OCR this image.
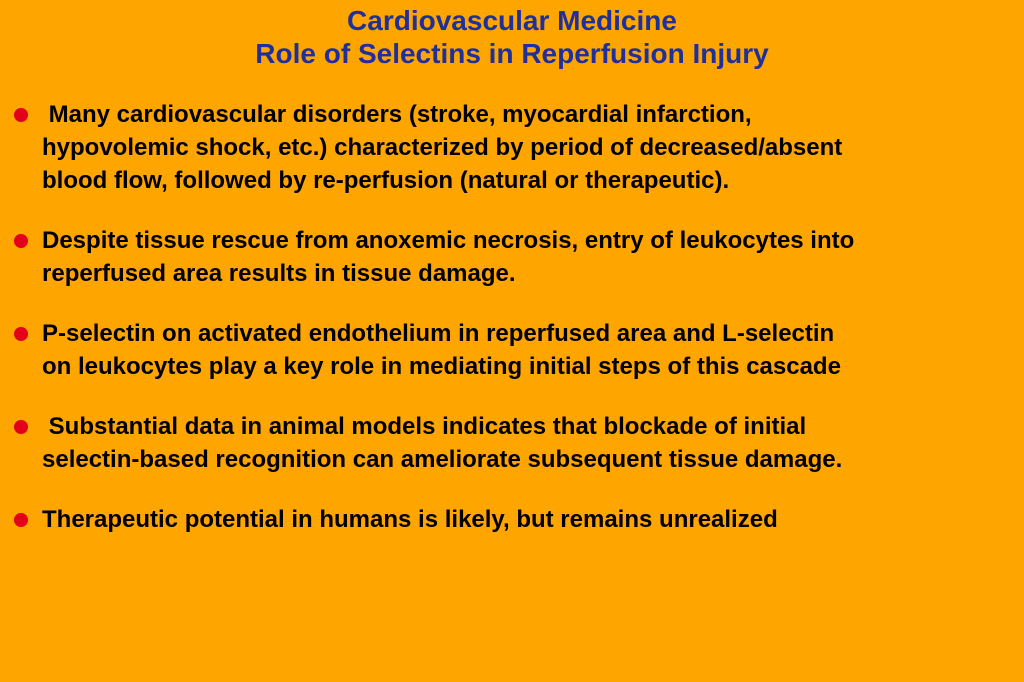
Cardiovascular Medicine
Role of Selectins in Reperfusion Injury
Many cardiovascular disorders (stroke, myocardial infarction,
hypovolemic shock, etc.) characterized by period of decreased/absent
blood flow, followed by re-perfusion (natural or therapeutic).
Despite tissue rescue from anoxemic necrosis, entry of leukocytes into
reperfused area results in tissue damage.
P-selectin on activated endothelium in reperfused area and L-selectin
on leukocytes play a key role in mediating initial steps of this cascade
Substantial data in animal models indicates that blockade of initial
selectin-based recognition can ameliorate subsequent tissue damage.
Therapeutic potential in humans is likely, but remains unrealized
